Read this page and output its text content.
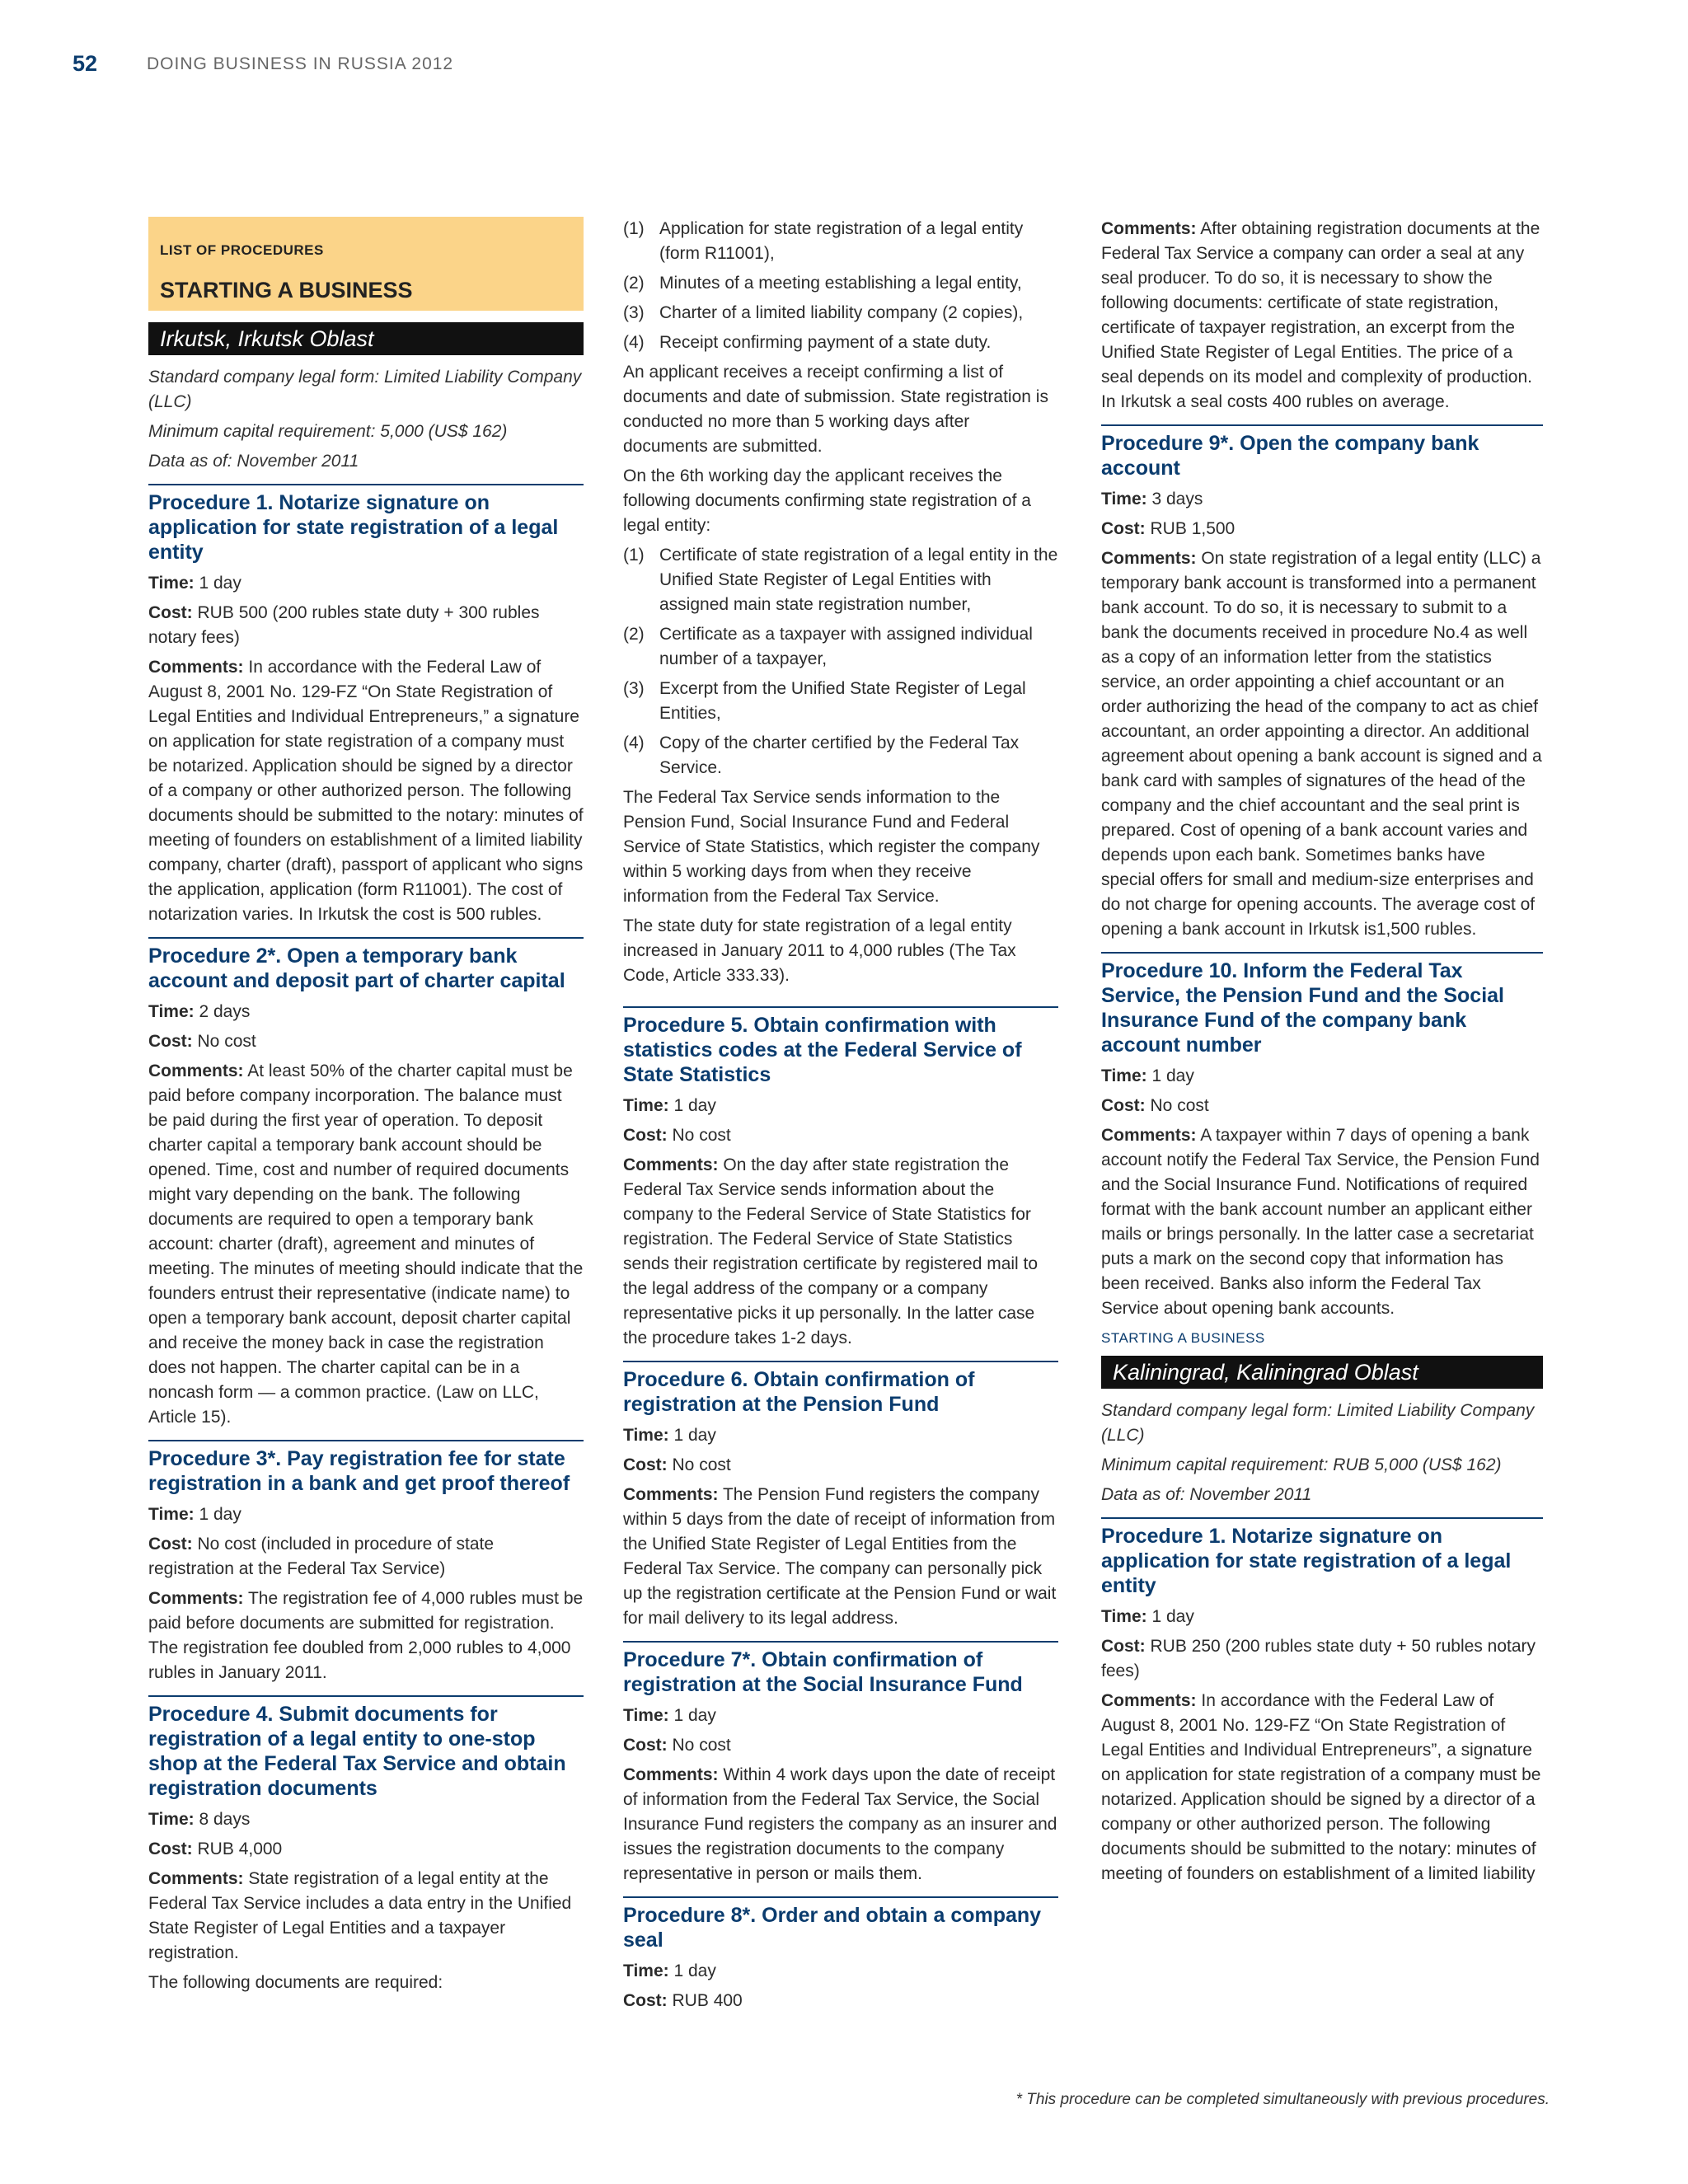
52	DOING BUSINESS IN RUSSIA 2012

LIST OF PROCEDURES

STARTING A BUSINESS

Irkutsk, Irkutsk Oblast

Standard company legal form: Limited Liability Company (LLC)

Minimum capital requirement: 5,000 (US$ 162)

Data as of: November 2011

Procedure 1. Notarize signature on application for state registration of a legal entity

Time: 1 day

Cost: RUB 500 (200 rubles state duty + 300 rubles notary fees)

Comments: In accordance with the Federal Law of August 8, 2001 No. 129-FZ “On State Registration of Legal Entities and Individual Entrepreneurs,” a signature on application for state registration of a company must be notarized. Application should be signed by a director of a company or other authorized person. The following documents should be submitted to the notary: minutes of meeting of founders on establishment of a limited liability company, charter (draft), passport of applicant who signs the application, application (form R11001). The cost of notarization varies. In Irkutsk the cost is 500 rubles.

Procedure 2*. Open a temporary bank account and deposit part of charter capital

Time: 2 days

Cost: No cost

Comments: At least 50% of the charter capital must be paid before company incorporation. The balance must be paid during the first year of operation. To deposit charter capital a temporary bank account should be opened. Time, cost and number of required documents might vary depending on the bank. The following documents are required to open a temporary bank account: charter (draft), agreement and minutes of meeting. The minutes of meeting should indicate that the founders entrust their representative (indicate name) to open a temporary bank account, deposit charter capital and receive the money back in case the registration does not happen. The charter capital can be in a noncash form — a common practice. (Law on LLC, Article 15).

Procedure 3*. Pay registration fee for state registration in a bank and get proof thereof

Time: 1 day

Cost: No cost (included in procedure of state registration at the Federal Tax Service)

Comments: The registration fee of 4,000 rubles must be paid before documents are submitted for registration. The registration fee doubled from 2,000 rubles to 4,000 rubles in January 2011.

Procedure 4. Submit documents for registration of a legal entity to one-stop shop at the Federal Tax Service and obtain registration documents

Time: 8 days

Cost: RUB 4,000

Comments: State registration of a legal entity at the Federal Tax Service includes a data entry in the Unified State Register of Legal Entities and a taxpayer registration.

The following documents are required:

(1) Application for state registration of a legal entity (form R11001),
(2) Minutes of a meeting establishing a legal entity,
(3) Charter of a limited liability company (2 copies),
(4) Receipt confirming payment of a state duty.

An applicant receives a receipt confirming a list of documents and date of submission. State registration is conducted no more than 5 working days after documents are submitted.

On the 6th working day the applicant receives the following documents confirming state registration of a legal entity:

(1) Certificate of state registration of a legal entity in the Unified State Register of Legal Entities with assigned main state registration number,
(2) Certificate as a taxpayer with assigned individual number of a taxpayer,
(3) Excerpt from the Unified State Register of Legal Entities,
(4) Copy of the charter certified by the Federal Tax Service.

The Federal Tax Service sends information to the Pension Fund, Social Insurance Fund and Federal Service of State Statistics, which register the company within 5 working days from when they receive information from the Federal Tax Service.

The state duty for state registration of a legal entity increased in January 2011 to 4,000 rubles (The Tax Code, Article 333.33).

Procedure 5. Obtain confirmation with statistics codes at the Federal Service of State Statistics

Time: 1 day

Cost: No cost

Comments: On the day after state registration the Federal Tax Service sends information about the company to the Federal Service of State Statistics for registration. The Federal Service of State Statistics sends their registration certificate by registered mail to the legal address of the company or a company representative picks it up personally. In the latter case the procedure takes 1-2 days.

Procedure 6. Obtain confirmation of registration at the Pension Fund

Time: 1 day

Cost: No cost

Comments: The Pension Fund registers the company within 5 days from the date of receipt of information from the Unified State Register of Legal Entities from the Federal Tax Service. The company can personally pick up the registration certificate at the Pension Fund or wait for mail delivery to its legal address.

Procedure 7*. Obtain confirmation of registration at the Social Insurance Fund

Time: 1 day

Cost: No cost

Comments: Within 4 work days upon the date of receipt of information from the Federal Tax Service, the Social Insurance Fund registers the company as an insurer and issues the registration documents to the company representative in person or mails them.

Procedure 8*. Order and obtain a company seal

Time: 1 day

Cost: RUB 400

Comments: After obtaining registration documents at the Federal Tax Service a company can order a seal at any seal producer. To do so, it is necessary to show the following documents: certificate of state registration, certificate of taxpayer registration, an excerpt from the Unified State Register of Legal Entities. The price of a seal depends on its model and complexity of production. In Irkutsk a seal costs 400 rubles on average.

Procedure 9*. Open the company bank account

Time: 3 days

Cost: RUB 1,500

Comments: On state registration of a legal entity (LLC) a temporary bank account is transformed into a permanent bank account. To do so, it is necessary to submit to a bank the documents received in procedure No.4 as well as a copy of an information letter from the statistics service, an order appointing a chief accountant or an order authorizing the head of the company to act as chief accountant, an order appointing a director. An additional agreement about opening a bank account is signed and a bank card with samples of signatures of the head of the company and the chief accountant and the seal print is prepared. Cost of opening of a bank account varies and depends upon each bank. Sometimes banks have special offers for small and medium-size enterprises and do not charge for opening accounts. The average cost of opening a bank account in Irkutsk is1,500 rubles.

Procedure 10. Inform the Federal Tax Service, the Pension Fund and the Social Insurance Fund of the company bank account number

Time: 1 day

Cost: No cost

Comments: A taxpayer within 7 days of opening a bank account notify the Federal Tax Service, the Pension Fund and the Social Insurance Fund. Notifications of required format with the bank account number an applicant either mails or brings personally. In the latter case a secretariat puts a mark on the second copy that information has been received. Banks also inform the Federal Tax Service about opening bank accounts.

STARTING A BUSINESS

Kaliningrad, Kaliningrad Oblast

Standard company legal form: Limited Liability Company (LLC)

Minimum capital requirement: RUB 5,000 (US$ 162)

Data as of: November 2011

Procedure 1. Notarize signature on application for state registration of a legal entity

Time: 1 day

Cost: RUB 250 (200 rubles state duty + 50 rubles notary fees)

Comments: In accordance with the Federal Law of August 8, 2001 No. 129-FZ “On State Registration of Legal Entities and Individual Entrepreneurs”, a signature on application for state registration of a company must be notarized. Application should be signed by a director of a company or other authorized person. The following documents should be submitted to the notary: minutes of meeting of founders on establishment of a limited liability

* This procedure can be completed simultaneously with previous procedures.
